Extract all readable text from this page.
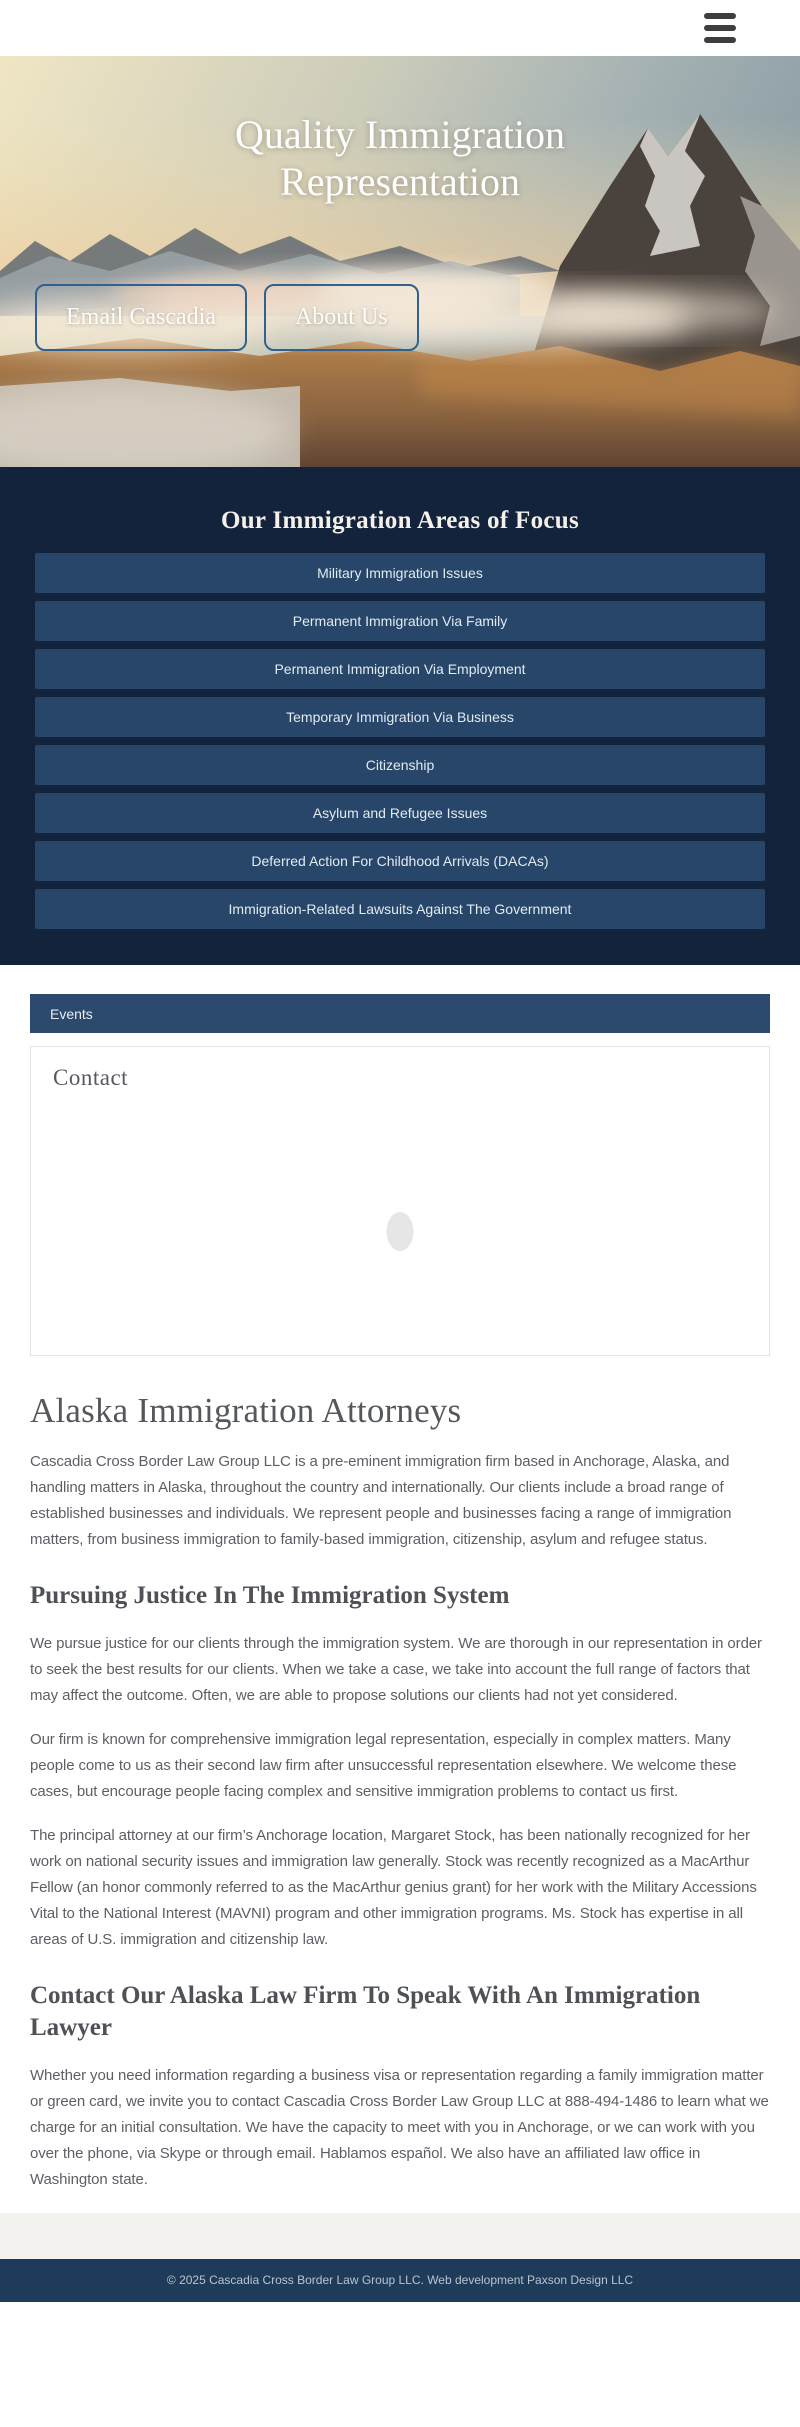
Quality Immigration
Representation
Email Cascadia	About Us
Our Immigration Areas of Focus
Military Immigration Issues
Permanent Immigration Via Family
Permanent Immigration Via Employment
Temporary Immigration Via Business
Citizenship
Asylum and Refugee Issues
Deferred Action For Childhood Arrivals (DACAs)
Immigration-Related Lawsuits Against The Government
Events
Contact
Alaska Immigration Attorneys

Cascadia Cross Border Law Group LLC is a pre-eminent immigration firm based in Anchorage, Alaska, and handling matters in Alaska, throughout the country and internationally. Our clients include a broad range of established businesses and individuals. We represent people and businesses facing a range of immigration matters, from business immigration to family-based immigration, citizenship, asylum and refugee status.

Pursuing Justice In The Immigration System

We pursue justice for our clients through the immigration system. We are thorough in our representation in order to seek the best results for our clients. When we take a case, we take into account the full range of factors that may affect the outcome. Often, we are able to propose solutions our clients had not yet considered.

Our firm is known for comprehensive immigration legal representation, especially in complex matters. Many people come to us as their second law firm after unsuccessful representation elsewhere. We welcome these cases, but encourage people facing complex and sensitive immigration problems to contact us first.

The principal attorney at our firm’s Anchorage location, Margaret Stock, has been nationally recognized for her work on national security issues and immigration law generally. Stock was recently recognized as a MacArthur Fellow (an honor commonly referred to as the MacArthur genius grant) for her work with the Military Accessions Vital to the National Interest (MAVNI) program and other immigration programs. Ms. Stock has expertise in all areas of U.S. immigration and citizenship law.

Contact Our Alaska Law Firm To Speak With An Immigration Lawyer

Whether you need information regarding a business visa or representation regarding a family immigration matter or green card, we invite you to contact Cascadia Cross Border Law Group LLC at 888-494-1486 to learn what we charge for an initial consultation. We have the capacity to meet with you in Anchorage, or we can work with you over the phone, via Skype or through email. Hablamos español. We also have an affiliated law office in Washington state.

© 2025 Cascadia Cross Border Law Group LLC. Web development Paxson Design LLC
